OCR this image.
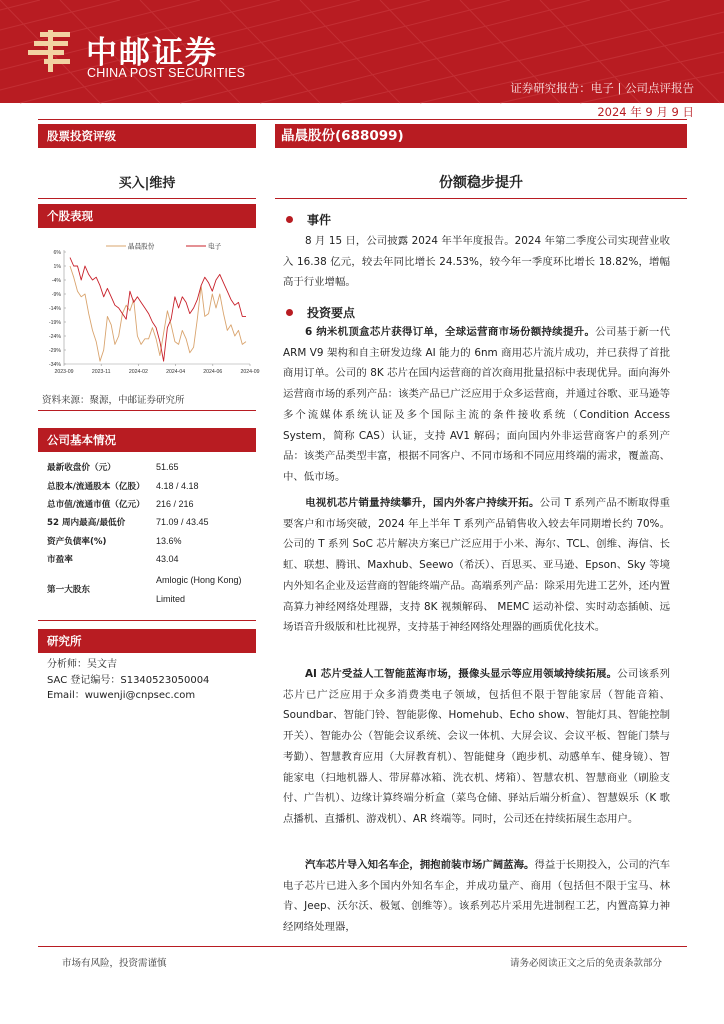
中邮证券
CHINA POST SECURITIES
证券研究报告：电子 | 公司点评报告
2024 年 9 月 9 日
股票投资评级
买入|维持
个股表现
6%
1%
-4%
-9%
-14%
-19%
-24%
-29%
-34%
2023-09	2023-11	2024-02	2024-04	2024-06	2024-09
晶晨股份	电子
资料来源：聚源，中邮证券研究所
公司基本情况
最新收盘价（元）	51.65
总股本/流通股本（亿股）	4.18 / 4.18
总市值/流通市值（亿元）	216 / 216
52 周内最高/最低价	71.09 / 43.45
资产负债率(%)	13.6%
市盈率	43.04
第一大股东	Amlogic (Hong Kong) Limited
研究所
分析师：吴文吉
SAC 登记编号：S1340523050004
Email：wuwenji@cnpsec.com
晶晨股份(688099)
份额稳步提升
事件
8 月 15 日，公司披露 2024 年半年度报告。2024 年第二季度公司实现营业收入 16.38 亿元，较去年同比增长 24.53%，较今年一季度环比增长 18.82%，增幅高于行业增幅。
投资要点
6 纳米机顶盒芯片获得订单，全球运营商市场份额持续提升。公司基于新一代 ARM V9 架构和自主研发边缘 AI 能力的 6nm 商用芯片流片成功，并已获得了首批商用订单。公司的 8K 芯片在国内运营商的首次商用批量招标中表现优异。面向海外运营商市场的系列产品：该类产品已广泛应用于众多运营商，并通过谷歌、亚马逊等多个流媒体系统认证及多个国际主流的条件接收系统（Condition Access System，简称 CAS）认证，支持 AV1 解码；面向国内外非运营商客户的系列产品：该类产品类型丰富，根据不同客户、不同市场和不同应用终端的需求，覆盖高、中、低市场。
电视机芯片销量持续攀升，国内外客户持续开拓。公司 T 系列产品不断取得重要客户和市场突破，2024 年上半年 T 系列产品销售收入较去年同期增长约 70%。公司的 T 系列 SoC 芯片解决方案已广泛应用于小米、海尔、TCL、创维、海信、长虹、联想、腾讯、Maxhub、Seewo（希沃）、百思买、亚马逊、Epson、Sky 等境内外知名企业及运营商的智能终端产品。高端系列产品：除采用先进工艺外，还内置高算力神经网络处理器，支持 8K 视频解码、 MEMC 运动补偿、实时动态插帧、远场语音升级版和杜比视界，支持基于神经网络处理器的画质优化技术。
AI 芯片受益人工智能蓝海市场，摄像头显示等应用领域持续拓展。公司该系列芯片已广泛应用于众多消费类电子领域，包括但不限于智能家居（智能音箱、 Soundbar、智能门铃、智能影像、Homehub、Echo show、智能灯具、智能控制开关）、智能办公（智能会议系统、会议一体机、大屏会议、会议平板、智能门禁与考勤）、智慧教育应用（大屏教育机）、智能健身（跑步机、动感单车、健身镜）、智能家电（扫地机器人、带屏幕冰箱、洗衣机、烤箱）、智慧农机、智慧商业（刷脸支付、广告机）、边缘计算终端分析盒（菜鸟仓储、驿站后端分析盒）、智慧娱乐（K 歌点播机、直播机、游戏机）、AR 终端等。同时，公司还在持续拓展生态用户。
汽车芯片导入知名车企，拥抱前装市场广阔蓝海。得益于长期投入，公司的汽车电子芯片已进入多个国内外知名车企，并成功量产、商用（包括但不限于宝马、林肯、Jeep、沃尔沃、极氪、创维等）。该系列芯片采用先进制程工艺，内置高算力神经网络处理器，
市场有风险，投资需谨慎	请务必阅读正文之后的免责条款部分
